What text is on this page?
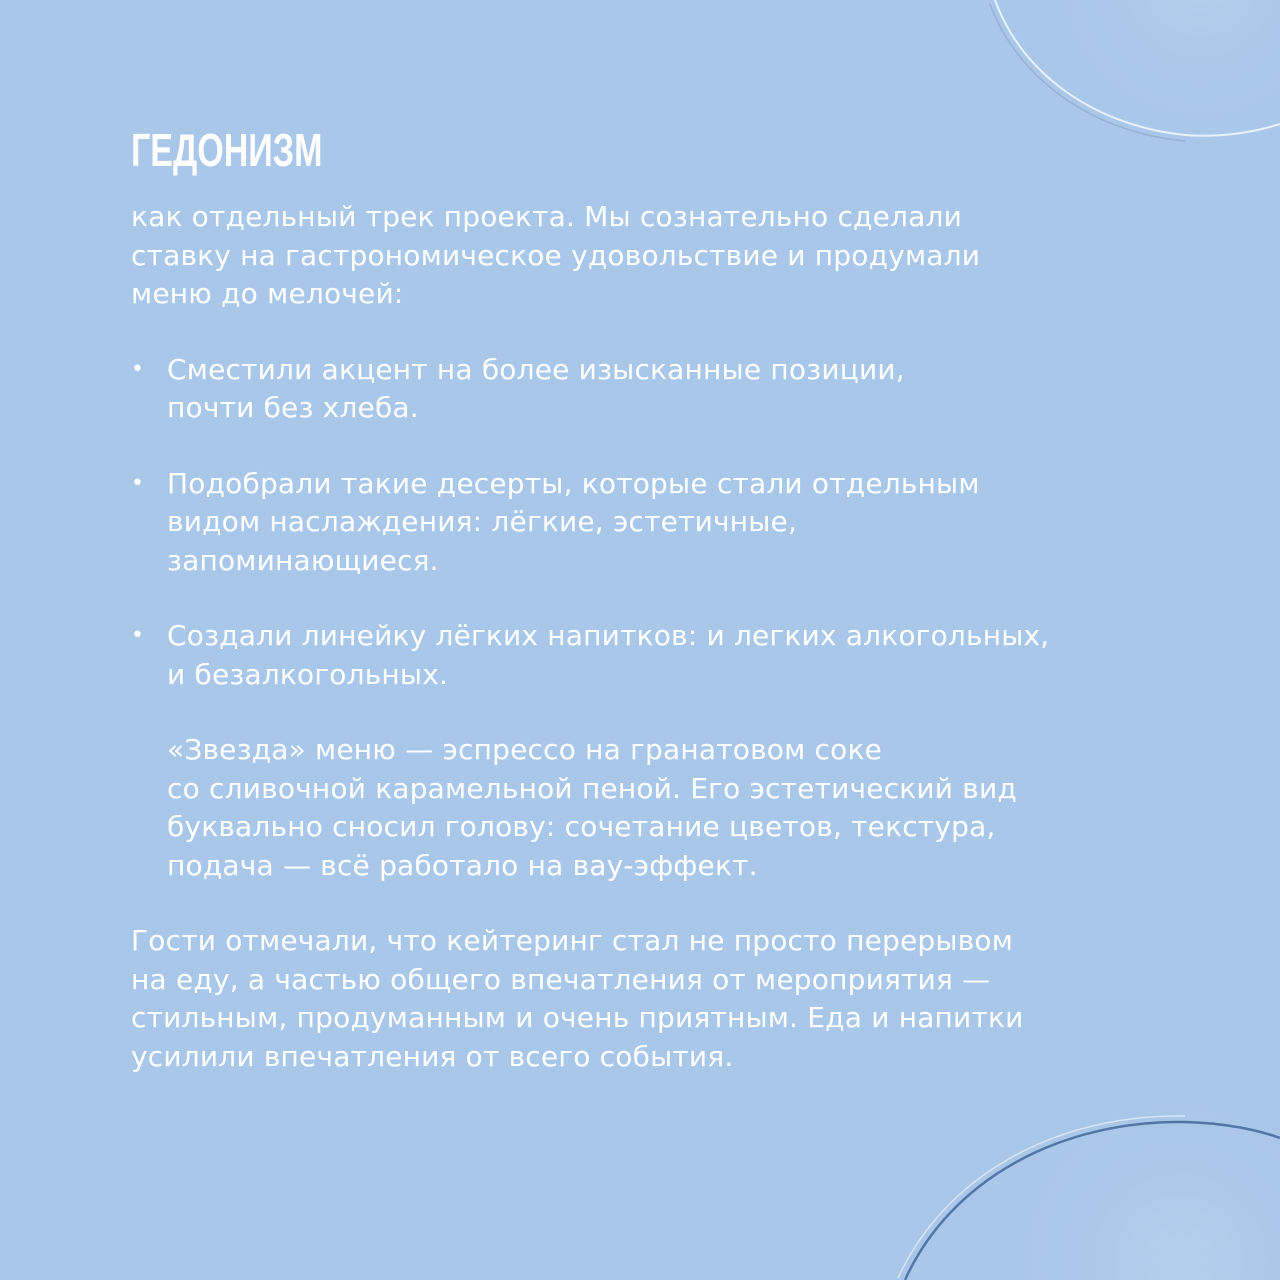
ГЕДОНИЗМ

как отдельный трек проекта. Мы сознательно сделали
ставку на гастрономическое удовольствие и продумали
меню до мелочей:

• Сместили акцент на более изысканные позиции,
почти без хлеба.

• Подобрали такие десерты, которые стали отдельным
видом наслаждения: лёгкие, эстетичные,
запоминающиеся.

• Создали линейку лёгких напитков: и легких алкогольных,
и безалкогольных.

«Звезда» меню — эспрессо на гранатовом соке
со сливочной карамельной пеной. Его эстетический вид
буквально сносил голову: сочетание цветов, текстура,
подача — всё работало на вау-эффект.

Гости отмечали, что кейтеринг стал не просто перерывом
на еду, а частью общего впечатления от мероприятия —
стильным, продуманным и очень приятным. Еда и напитки
усилили впечатления от всего события.
